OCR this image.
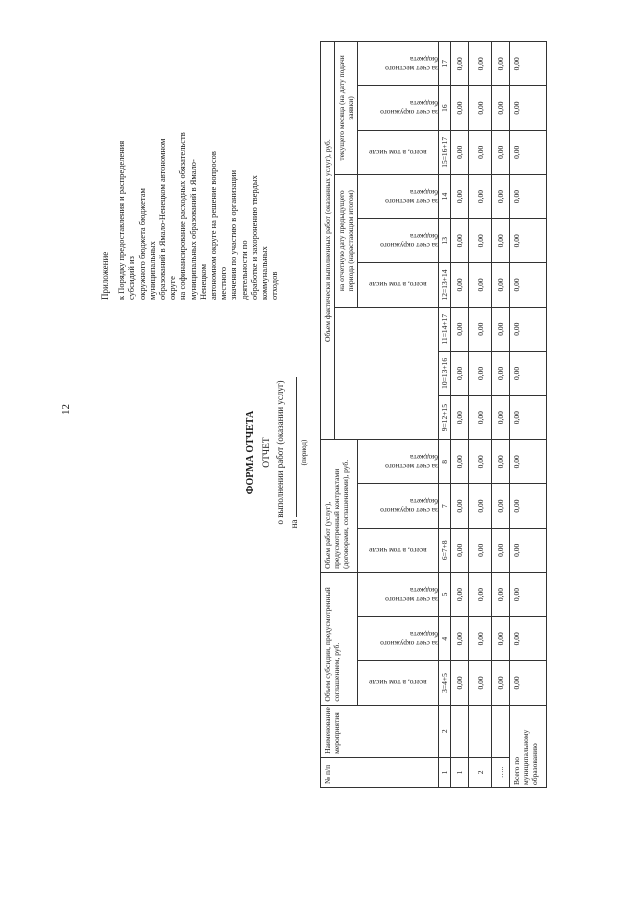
12
Приложение к Порядку предоставления и распределения субсидий из окружного бюджета бюджетам муниципальных образований в Ямало-Ненецком автономном округе на софинансирование расходных обязательств муниципальных образований в Ямало-Ненецком автономном округе на решение вопросов местного значения по участию в организации деятельности по обработке и захоронению твердых коммунальных отходов
ФОРМА ОТЧЕТА ОТЧЕТ о выполнении работ (оказании услуг) на
(период)
№ п/п	Наименование мероприятия	Объем субсидии, предусмотренный соглашением, руб.			Объем работ (услуг), предусмотренный контрактами (договорами, соглашениями), руб.			Объем фактически выполненных работ (оказанных услуг), руб.								
											на отчетную дату предыдущего периода (нарастающим итогом)			текущего месяца (на дату подачи заявки)		

		всего, в том числе	за счет окружного бюджета	за счет местного бюджета	всего, в том числе	за счет окружного бюджета	за счет местного бюджета				всего, в том числе	за счет окружного бюджета	за счет местного бюджета	всего, в том числе	за счет окружного бюджета	за счет местного бюджета

1	2	3=4+5	4	5	6=7+8	7	8	9=12+15	10=13+16	11=14+17	12=13+14	13	14	15=16+17	16	17
1		0,00	0,00	0,00	0,00	0,00	0,00	0,00	0,00	0,00	0,00	0,00	0,00	0,00	0,00	0,00
2		0,00	0,00	0,00	0,00	0,00	0,00	0,00	0,00	0,00	0,00	0,00	0,00	0,00	0,00	0,00
…..		0,00	0,00	0,00	0,00	0,00	0,00	0,00	0,00	0,00	0,00	0,00	0,00	0,00	0,00	0,00
Всего по муниципальному образованию		0,00	0,00	0,00	0,00	0,00	0,00	0,00	0,00	0,00	0,00	0,00	0,00	0,00	0,00	0,00
